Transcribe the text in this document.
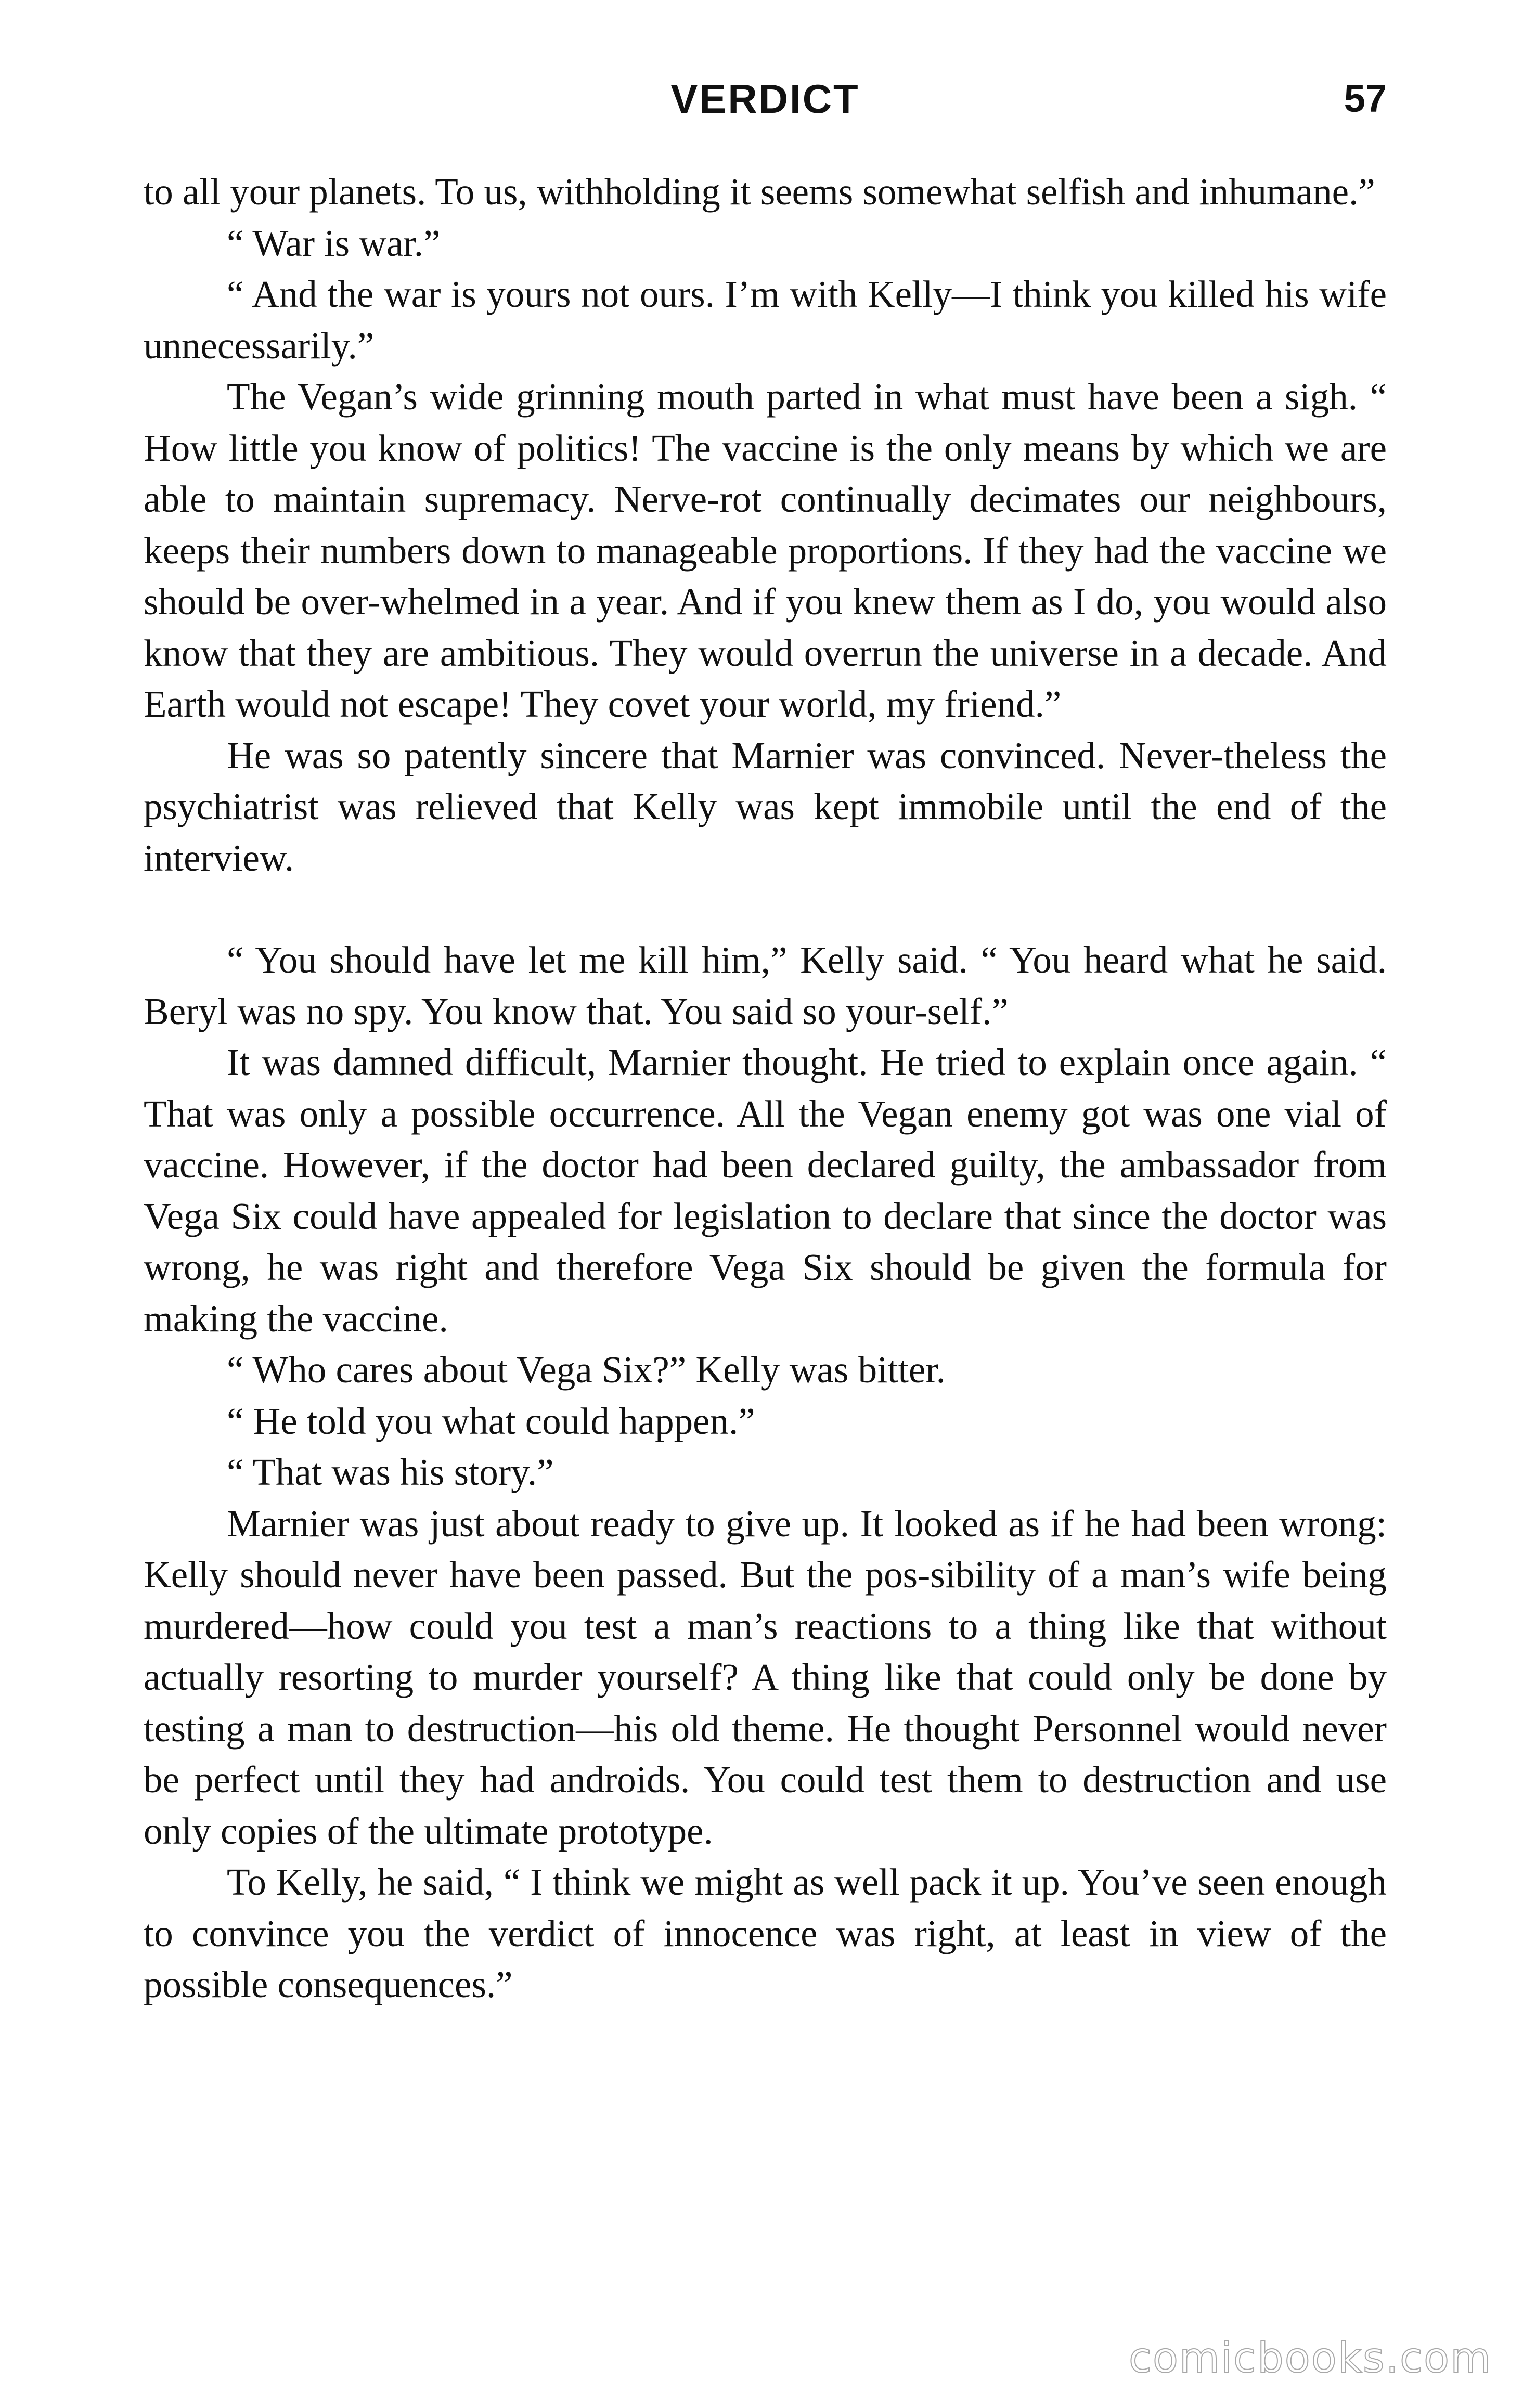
VERDICT	57

to all your planets. To us, withholding it seems somewhat selfish and inhumane.”

“ War is war.”

“ And the war is yours not ours. I’m with Kelly—I think you killed his wife unnecessarily.”

The Vegan’s wide grinning mouth parted in what must have been a sigh. “ How little you know of politics! The vaccine is the only means by which we are able to maintain supremacy. Nerve-rot continually decimates our neighbours, keeps their numbers down to manageable proportions. If they had the vaccine we should be over-whelmed in a year. And if you knew them as I do, you would also know that they are ambitious. They would overrun the universe in a decade. And Earth would not escape! They covet your world, my friend.”

He was so patently sincere that Marnier was convinced. Never-theless the psychiatrist was relieved that Kelly was kept immobile until the end of the interview.

“ You should have let me kill him,” Kelly said. “ You heard what he said. Beryl was no spy. You know that. You said so your-self.”

It was damned difficult, Marnier thought. He tried to explain once again. “ That was only a possible occurrence. All the Vegan enemy got was one vial of vaccine. However, if the doctor had been declared guilty, the ambassador from Vega Six could have appealed for legislation to declare that since the doctor was wrong, he was right and therefore Vega Six should be given the formula for making the vaccine.

“ Who cares about Vega Six?” Kelly was bitter.

“ He told you what could happen.”

“ That was his story.”

Marnier was just about ready to give up. It looked as if he had been wrong: Kelly should never have been passed. But the pos-sibility of a man’s wife being murdered—how could you test a man’s reactions to a thing like that without actually resorting to murder yourself? A thing like that could only be done by testing a man to destruction—his old theme. He thought Personnel would never be perfect until they had androids. You could test them to destruction and use only copies of the ultimate prototype.

To Kelly, he said, “ I think we might as well pack it up. You’ve seen enough to convince you the verdict of innocence was right, at least in view of the possible consequences.”

comicbooks.com
